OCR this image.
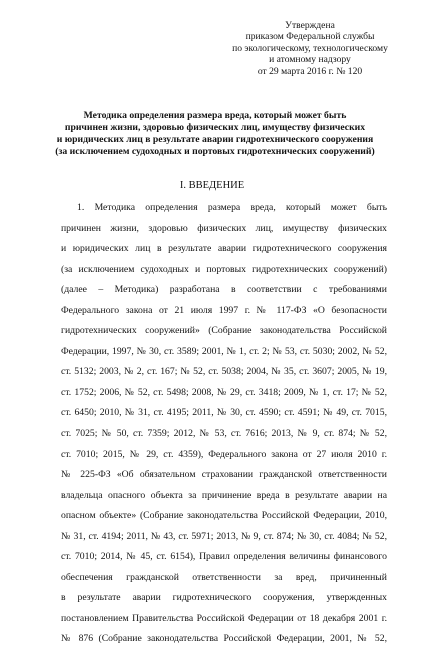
Утверждена
приказом Федеральной службы
по экологическому, технологическому
и атомному надзору
от 29 марта 2016 г. № 120
Методика определения размера вреда, который может быть
причинен жизни, здоровью физических лиц, имуществу физических
и юридических лиц в результате аварии гидротехнического сооружения
(за исключением судоходных и портовых гидротехнических сооружений)
I. ВВЕДЕНИЕ
1. Методика определения размера вреда, который может быть
причинен жизни, здоровью физических лиц, имуществу физических
и юридических лиц в результате аварии гидротехнического сооружения
(за исключением судоходных и портовых гидротехнических сооружений)
(далее – Методика) разработана в соответствии с требованиями
Федерального закона от 21 июля 1997 г. № 117-ФЗ «О безопасности
гидротехнических сооружений» (Собрание законодательства Российской
Федерации, 1997, № 30, ст. 3589; 2001, № 1, ст. 2; № 53, ст. 5030; 2002, № 52,
ст. 5132; 2003, № 2, ст. 167; № 52, ст. 5038; 2004, № 35, ст. 3607; 2005, № 19,
ст. 1752; 2006, № 52, ст. 5498; 2008, № 29, ст. 3418; 2009, № 1, ст. 17; № 52,
ст. 6450; 2010, № 31, ст. 4195; 2011, № 30, ст. 4590; ст. 4591; № 49, ст. 7015,
ст. 7025; № 50, ст. 7359; 2012, № 53, ст. 7616; 2013, № 9, ст. 874; № 52,
ст. 7010; 2015, № 29, ст. 4359), Федерального закона от 27 июля 2010 г.
№ 225-ФЗ «Об обязательном страховании гражданской ответственности
владельца опасного объекта за причинение вреда в результате аварии на
опасном объекте» (Собрание законодательства Российской Федерации, 2010,
№ 31, ст. 4194; 2011, № 43, ст. 5971; 2013, № 9, ст. 874; № 30, ст. 4084; № 52,
ст. 7010; 2014, № 45, ст. 6154), Правил определения величины финансового
обеспечения гражданской ответственности за вред, причиненный
в результате аварии гидротехнического сооружения, утвержденных
постановлением Правительства Российской Федерации от 18 декабря 2001 г.
№ 876 (Собрание законодательства Российской Федерации, 2001, № 52,
